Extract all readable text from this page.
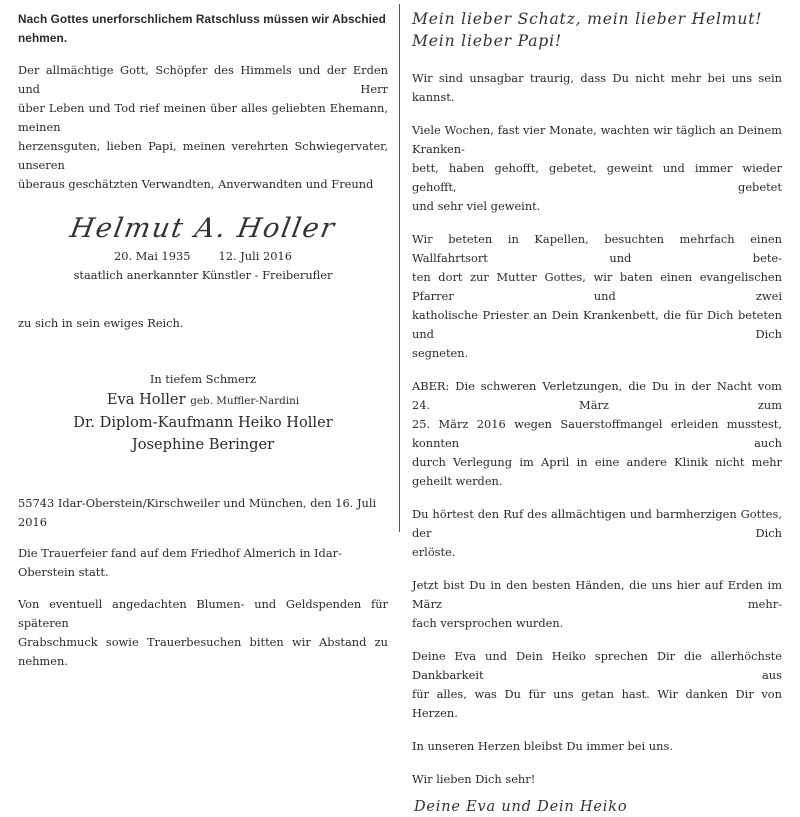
Nach Gottes unerforschlichem Ratschluss müssen wir Abschied nehmen.

Der allmächtige Gott, Schöpfer des Himmels und der Erden und Herr

über Leben und Tod rief meinen über alles geliebten Ehemann, meinen

herzensguten, lieben Papi, meinen verehrten Schwiegervater, unseren

überaus geschätzten Verwandten, Anverwandten und Freund

Helmut A. Holler
20. Mai 1935 12. Juli 2016
staatlich anerkannter Künstler - Freiberufler

zu sich in sein ewiges Reich.

In tiefem Schmerz
Eva Holler geb. Muffler-Nardini
Dr. Diplom-Kaufmann Heiko Holler
Josephine Beringer

55743 Idar-Oberstein/Kirschweiler und München, den 16. Juli 2016

Die Trauerfeier fand auf dem Friedhof Almerich in Idar-Oberstein statt.

Von eventuell angedachten Blumen- und Geldspenden für späteren

Grabschmuck sowie Trauerbesuchen bitten wir Abstand zu nehmen.

Mein lieber Schatz, mein lieber Helmut!
Mein lieber Papi!

Wir sind unsagbar traurig, dass Du nicht mehr bei uns sein kannst.

Viele Wochen, fast vier Monate, wachten wir täglich an Deinem Kranken-

bett, haben gehofft, gebetet, geweint und immer wieder gehofft, gebetet

und sehr viel geweint.

Wir beteten in Kapellen, besuchten mehrfach einen Wallfahrtsort und bete-

ten dort zur Mutter Gottes, wir baten einen evangelischen Pfarrer und zwei

katholische Priester an Dein Krankenbett, die für Dich beteten und Dich

segneten.

ABER: Die schweren Verletzungen, die Du in der Nacht vom 24. März zum

25. März 2016 wegen Sauerstoffmangel erleiden musstest, konnten auch

durch Verlegung im April in eine andere Klinik nicht mehr geheilt werden.

Du hörtest den Ruf des allmächtigen und barmherzigen Gottes, der Dich

erlöste.

Jetzt bist Du in den besten Händen, die uns hier auf Erden im März mehr-

fach versprochen wurden.

Deine Eva und Dein Heiko sprechen Dir die allerhöchste Dankbarkeit aus

für alles, was Du für uns getan hast. Wir danken Dir von Herzen.

In unseren Herzen bleibst Du immer bei uns.

Wir lieben Dich sehr!

Deine Eva und Dein Heiko
